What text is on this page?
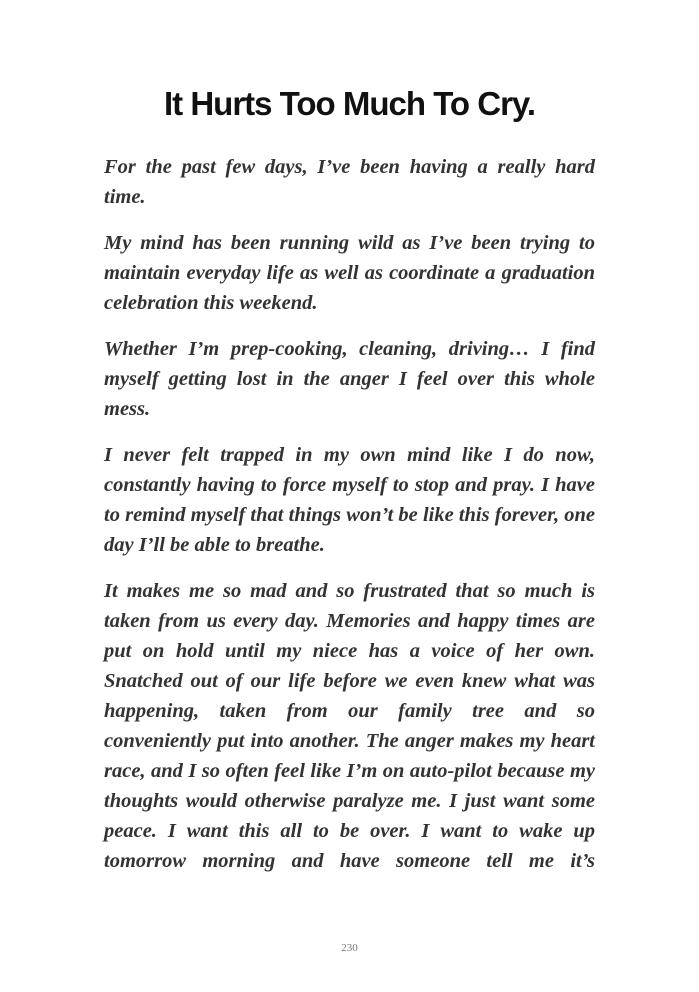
It Hurts Too Much To Cry.

For the past few days, I’ve been having a really hard time.

My mind has been running wild as I’ve been trying to maintain everyday life as well as coordinate a graduation celebration this weekend.

Whether I’m prep-cooking, cleaning, driving… I find myself getting lost in the anger I feel over this whole mess.

I never felt trapped in my own mind like I do now, constantly having to force myself to stop and pray. I have to remind myself that things won’t be like this forever, one day I’ll be able to breathe.

It makes me so mad and so frustrated that so much is taken from us every day. Memories and happy times are put on hold until my niece has a voice of her own. Snatched out of our life before we even knew what was happening, taken from our family tree and so conveniently put into another. The anger makes my heart race, and I so often feel like I’m on auto-pilot because my thoughts would otherwise paralyze me. I just want some peace. I want this all to be over. I want to wake up tomorrow morning and have someone tell me it’s

230
